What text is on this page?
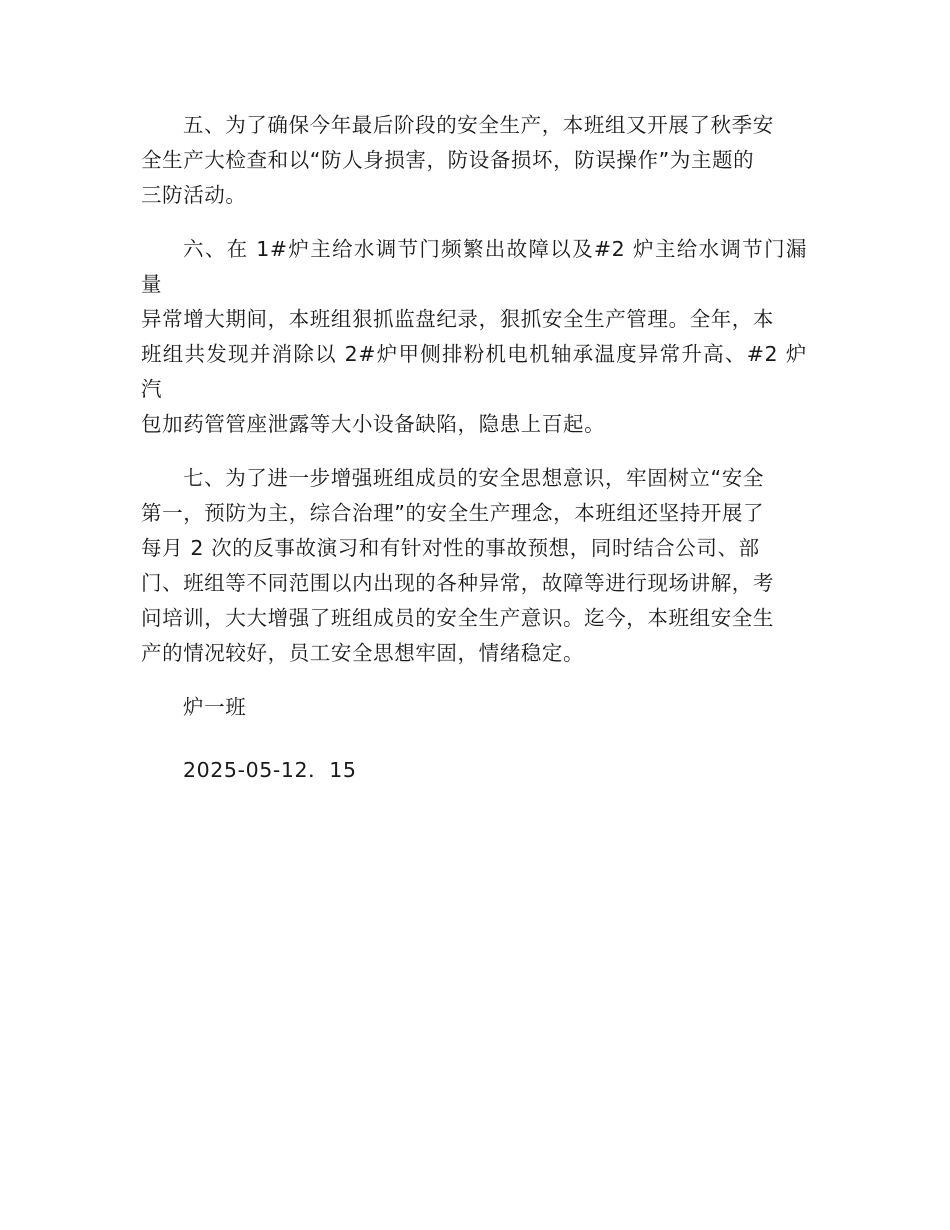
五、为了确保今年最后阶段的安全生产，本班组又开展了秋季安
全生产大检查和以“防人身损害，防设备损坏，防误操作”为主题的
三防活动。

六、在 1#炉主给水调节门频繁出故障以及#2 炉主给水调节门漏量
异常增大期间，本班组狠抓监盘纪录，狠抓安全生产管理。全年，本
班组共发现并消除以 2#炉甲侧排粉机电机轴承温度异常升高、#2 炉汽
包加药管管座泄露等大小设备缺陷，隐患上百起。

七、为了进一步增强班组成员的安全思想意识，牢固树立“安全
第一，预防为主，综合治理”的安全生产理念，本班组还坚持开展了
每月 2 次的反事故演习和有针对性的事故预想，同时结合公司、部
门、班组等不同范围以内出现的各种异常，故障等进行现场讲解，考
问培训，大大增强了班组成员的安全生产意识。迄今，本班组安全生
产的情况较好，员工安全思想牢固，情绪稳定。

炉一班

2025-05-12．15
